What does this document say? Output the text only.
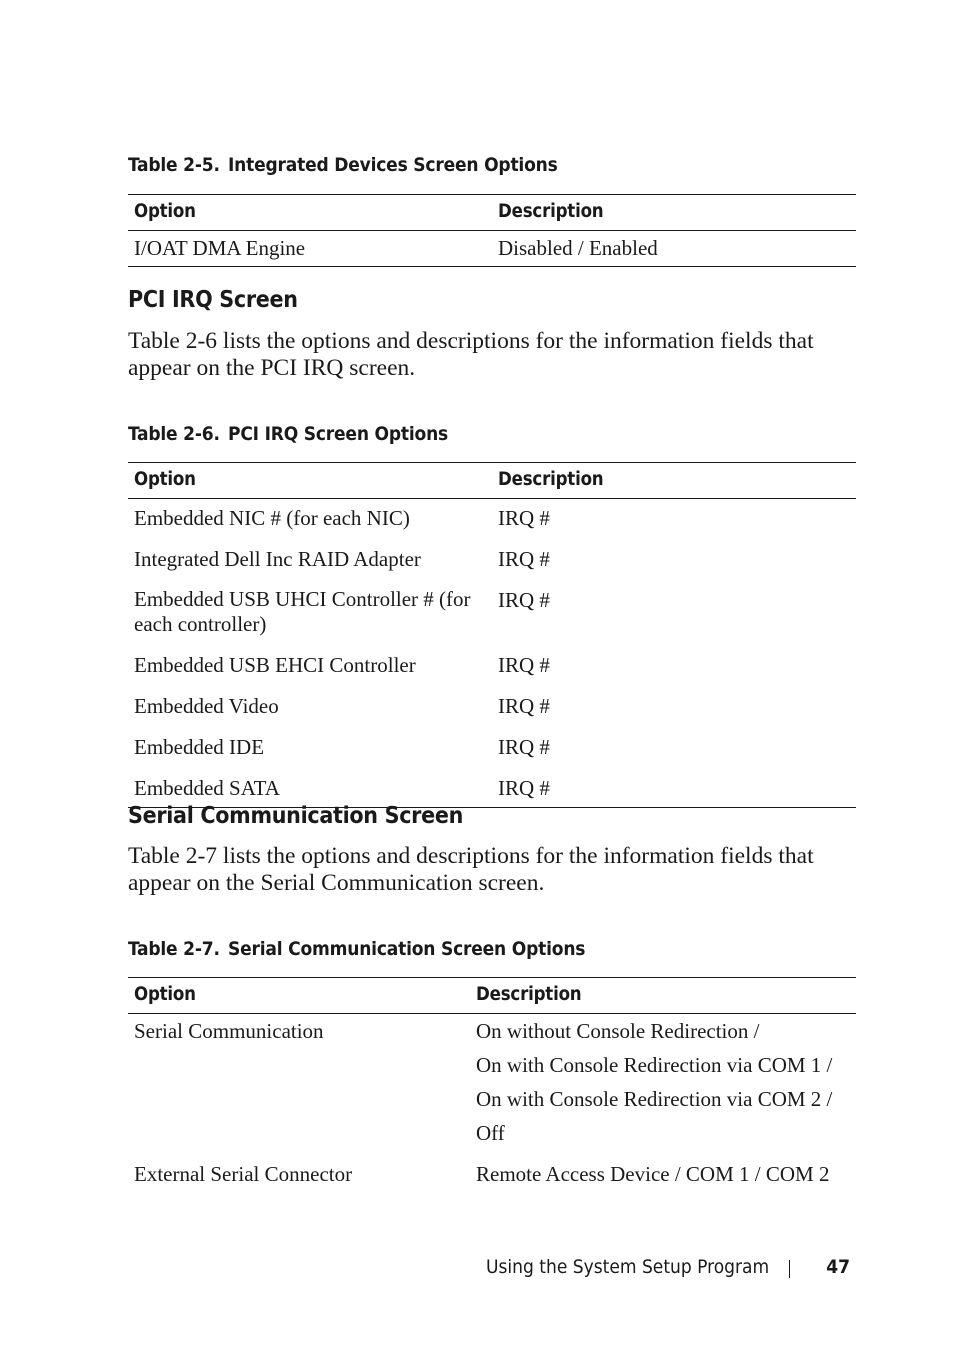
Table 2-5. Integrated Devices Screen Options
Option	Description
I/OAT DMA Engine	Disabled / Enabled
PCI IRQ Screen
Table 2-6 lists the options and descriptions for the information fields that appear on the PCI IRQ screen.
Table 2-6. PCI IRQ Screen Options
Option	Description
Embedded NIC # (for each NIC)	IRQ #
Integrated Dell Inc RAID Adapter	IRQ #
Embedded USB UHCI Controller # (for each controller)	IRQ #
Embedded USB EHCI Controller	IRQ #
Embedded Video	IRQ #
Embedded IDE	IRQ #
Embedded SATA	IRQ #
Serial Communication Screen
Table 2-7 lists the options and descriptions for the information fields that appear on the Serial Communication screen.
Table 2-7. Serial Communication Screen Options
Option	Description

Serial Communication	On without Console Redirection /
On with Console Redirection via COM 1 /
On with Console Redirection via COM 2 /
Off

External Serial Connector	Remote Access Device / COM 1 / COM 2
Using the System Setup Program	47
